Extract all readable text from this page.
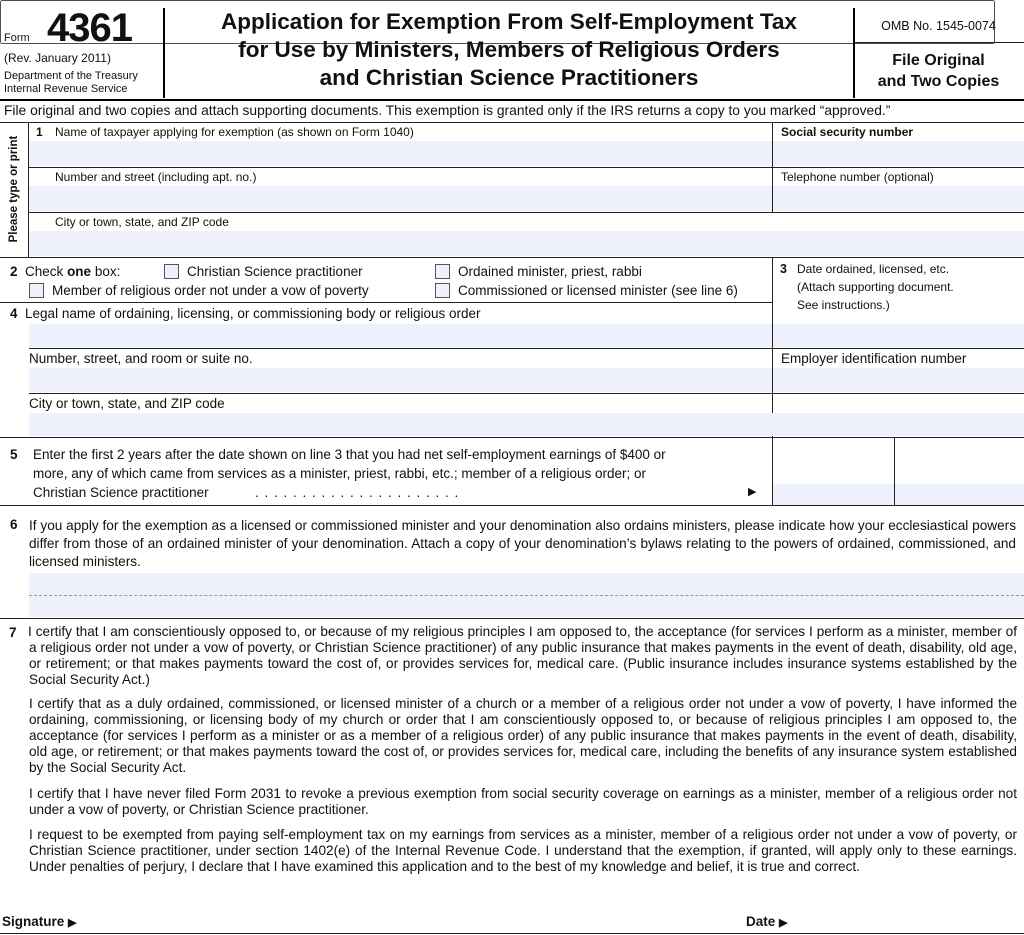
Form 4361
(Rev. January 2011)
Department of the Treasury
Internal Revenue Service
Application for Exemption From Self-Employment Tax
for Use by Ministers, Members of Religious Orders
and Christian Science Practitioners
OMB No. 1545-0074
File Original
and Two Copies
File original and two copies and attach supporting documents. This exemption is granted only if the IRS returns a copy to you marked “approved.”
Please type or print
1 Name of taxpayer applying for exemption (as shown on Form 1040)	Social security number
Number and street (including apt. no.)	Telephone number (optional)
City or town, state, and ZIP code
2 Check one box:	Christian Science practitioner	Ordained minister, priest, rabbi
Member of religious order not under a vow of poverty	Commissioned or licensed minister (see line 6)
3 Date ordained, licensed, etc.
(Attach supporting document.
See instructions.)
4 Legal name of ordaining, licensing, or commissioning body or religious order
Number, street, and room or suite no.	Employer identification number
City or town, state, and ZIP code
5 Enter the first 2 years after the date shown on line 3 that you had net self-employment earnings of $400 or
more, any of which came from services as a minister, priest, rabbi, etc.; member of a religious order; or
Christian Science practitioner	. . . . . . . . . . . . . . . . . . . . . .	▶
6 If you apply for the exemption as a licensed or commissioned minister and your denomination also ordains ministers, please indicate how your ecclesiastical powers differ from those of an ordained minister of your denomination. Attach a copy of your denomination’s bylaws relating to the powers of ordained, commissioned, and licensed ministers.
7 I certify that I am conscientiously opposed to, or because of my religious principles I am opposed to, the acceptance (for services I perform as a minister, member of a religious order not under a vow of poverty, or Christian Science practitioner) of any public insurance that makes payments in the event of death, disability, old age, or retirement; or that makes payments toward the cost of, or provides services for, medical care. (Public insurance includes insurance systems established by the Social Security Act.)
I certify that as a duly ordained, commissioned, or licensed minister of a church or a member of a religious order not under a vow of poverty, I have informed the ordaining, commissioning, or licensing body of my church or order that I am conscientiously opposed to, or because of religious principles I am opposed to, the acceptance (for services I perform as a minister or as a member of a religious order) of any public insurance that makes payments in the event of death, disability, old age, or retirement; or that makes payments toward the cost of, or provides services for, medical care, including the benefits of any insurance system established by the Social Security Act.
I certify that I have never filed Form 2031 to revoke a previous exemption from social security coverage on earnings as a minister, member of a religious order not under a vow of poverty, or Christian Science practitioner.
I request to be exempted from paying self-employment tax on my earnings from services as a minister, member of a religious order not under a vow of poverty, or Christian Science practitioner, under section 1402(e) of the Internal Revenue Code. I understand that the exemption, if granted, will apply only to these earnings. Under penalties of perjury, I declare that I have examined this application and to the best of my knowledge and belief, it is true and correct.
Signature ▶	Date ▶
